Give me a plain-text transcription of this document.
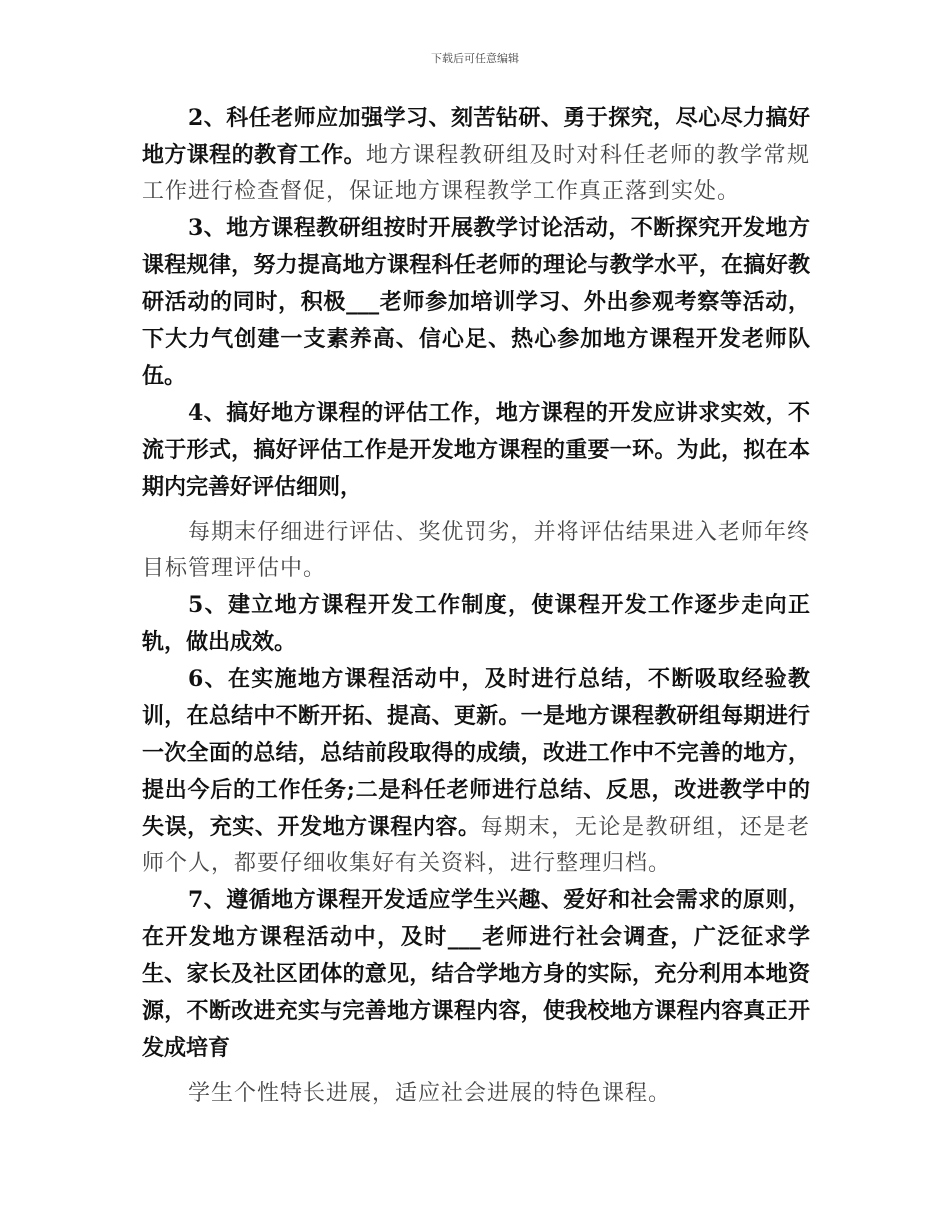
下载后可任意编辑

2、科任老师应加强学习、刻苦钻研、勇于探究，尽心尽力搞好地方课程的教育工作。地方课程教研组及时对科任老师的教学常规工作进行检查督促，保证地方课程教学工作真正落到实处。

3、地方课程教研组按时开展教学讨论活动，不断探究开发地方课程规律，努力提高地方课程科任老师的理论与教学水平，在搞好教研活动的同时，积极___老师参加培训学习、外出参观考察等活动，下大力气创建一支素养高、信心足、热心参加地方课程开发老师队伍。

4、搞好地方课程的评估工作，地方课程的开发应讲求实效，不流于形式，搞好评估工作是开发地方课程的重要一环。为此，拟在本期内完善好评估细则，

每期末仔细进行评估、奖优罚劣，并将评估结果进入老师年终目标管理评估中。

5、建立地方课程开发工作制度，使课程开发工作逐步走向正轨，做出成效。

6、在实施地方课程活动中，及时进行总结，不断吸取经验教训，在总结中不断开拓、提高、更新。一是地方课程教研组每期进行一次全面的总结，总结前段取得的成绩，改进工作中不完善的地方，提出今后的工作任务;二是科任老师进行总结、反思，改进教学中的失误，充实、开发地方课程内容。每期末，无论是教研组，还是老师个人，都要仔细收集好有关资料，进行整理归档。

7、遵循地方课程开发适应学生兴趣、爱好和社会需求的原则，在开发地方课程活动中，及时___老师进行社会调查，广泛征求学生、家长及社区团体的意见，结合学地方身的实际，充分利用本地资源，不断改进充实与完善地方课程内容，使我校地方课程内容真正开发成培育

学生个性特长进展，适应社会进展的特色课程。
